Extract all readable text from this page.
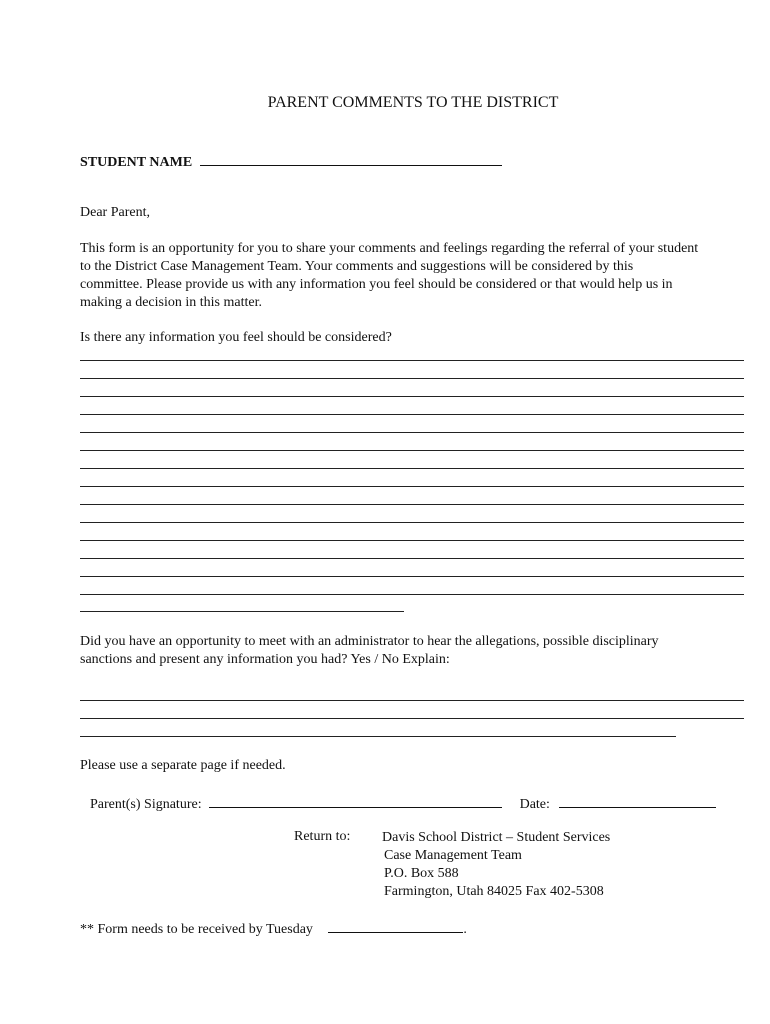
PARENT COMMENTS TO THE DISTRICT
STUDENT NAME
Dear Parent,
This form is an opportunity for you to share your comments and feelings regarding the referral of your student
to the District Case Management Team. Your comments and suggestions will be considered by this
committee. Please provide us with any information you feel should be considered or that would help us in
making a decision in this matter.
Is there any information you feel should be considered?
Did you have an opportunity to meet with an administrator to hear the allegations, possible disciplinary
sanctions and present any information you had? Yes / No Explain:
Please use a separate page if needed.
Parent(s) Signature:	Date:
Return to: Davis School District – Student Services
Case Management Team
P.O. Box 588
Farmington, Utah 84025 Fax 402-5308
** Form needs to be received by Tuesday	.
